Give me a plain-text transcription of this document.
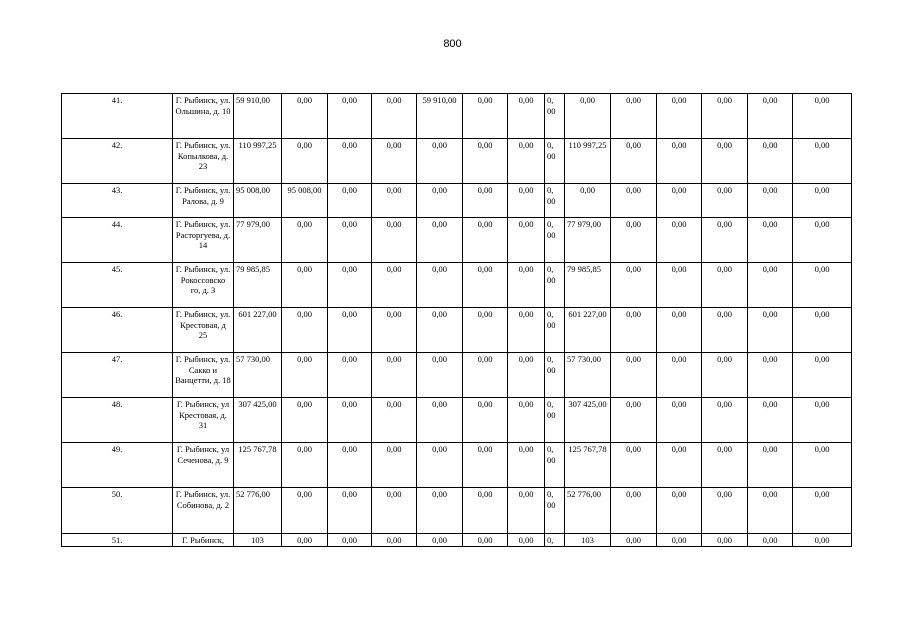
800
41.	Г. Рыбинск, ул. Ольшина, д. 10	59 910,00	0,00	0,00	0,00	59 910,00	0,00	0,00	0, 00	0,00	0,00	0,00	0,00	0,00	0,00
42.	Г. Рыбинск, ул. Копылкова, д. 23	110 997,25	0,00	0,00	0,00	0,00	0,00	0,00	0, 00	110 997,25	0,00	0,00	0,00	0,00	0,00
43.	Г. Рыбинск, ул. Ралова, д. 9	95 008,00	95 008,00	0,00	0,00	0,00	0,00	0,00	0, 00	0,00	0,00	0,00	0,00	0,00	0,00
44.	Г. Рыбинск, ул. Расторгуева, д. 14	77 979,00	0,00	0,00	0,00	0,00	0,00	0,00	0, 00	77 979,00	0,00	0,00	0,00	0,00	0,00
45.	Г. Рыбинск, ул. Рокоссовско го, д. 3	79 985,85	0,00	0,00	0,00	0,00	0,00	0,00	0, 00	79 985,85	0,00	0,00	0,00	0,00	0,00
46.	Г. Рыбинск, ул. Крестовая, д 25	601 227,00	0,00	0,00	0,00	0,00	0,00	0,00	0, 00	601 227,00	0,00	0,00	0,00	0,00	0,00
47.	Г. Рыбинск, ул. Сакко и Ванцетти, д. 18	57 730,00	0,00	0,00	0,00	0,00	0,00	0,00	0, 00	57 730,00	0,00	0,00	0,00	0,00	0,00
48.	Г. Рыбинск, ул Крестовая, д. 31	307 425,00	0,00	0,00	0,00	0,00	0,00	0,00	0, 00	307 425,00	0,00	0,00	0,00	0,00	0,00
49.	Г. Рыбинск, ул Сеченова, д. 9	125 767,78	0,00	0,00	0,00	0,00	0,00	0,00	0, 00	125 767,78	0,00	0,00	0,00	0,00	0,00
50.	Г. Рыбинск, ул. Собинова, д. 2	52 776,00	0,00	0,00	0,00	0,00	0,00	0,00	0, 00	52 776,00	0,00	0,00	0,00	0,00	0,00
51.	Г. Рыбинск,	103	0,00	0,00	0,00	0,00	0,00	0,00	0,	103	0,00	0,00	0,00	0,00	0,00
